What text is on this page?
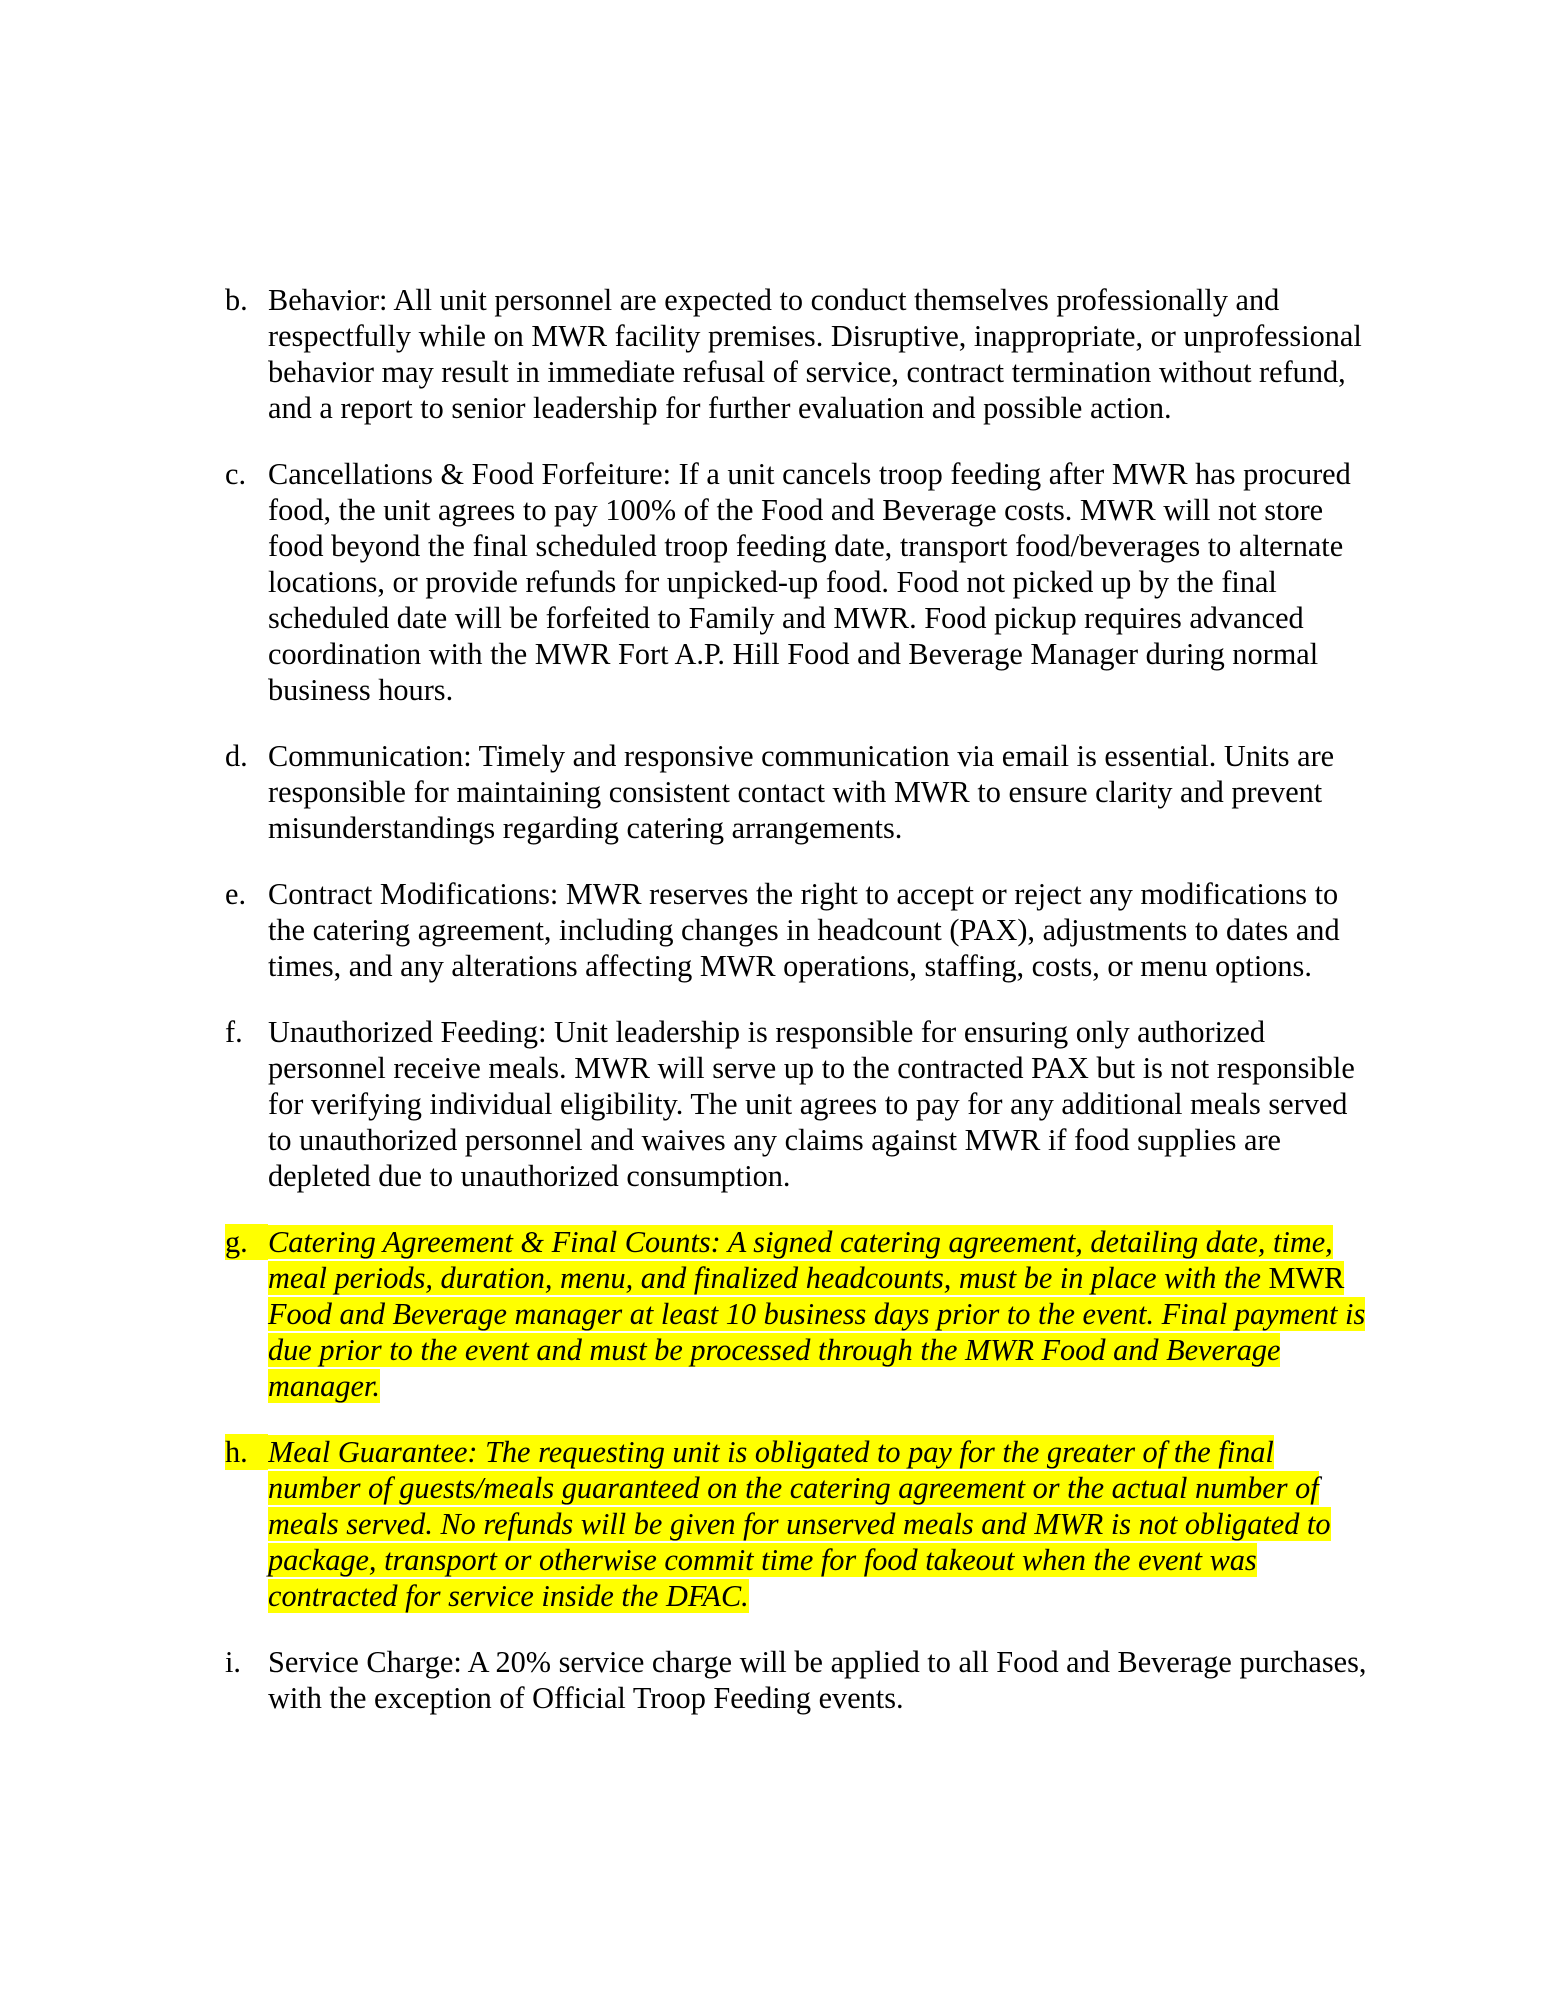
b. Behavior: All unit personnel are expected to conduct themselves professionally and respectfully while on MWR facility premises. Disruptive, inappropriate, or unprofessional behavior may result in immediate refusal of service, contract termination without refund, and a report to senior leadership for further evaluation and possible action.
c. Cancellations & Food Forfeiture: If a unit cancels troop feeding after MWR has procured food, the unit agrees to pay 100% of the Food and Beverage costs. MWR will not store food beyond the final scheduled troop feeding date, transport food/beverages to alternate locations, or provide refunds for unpicked-up food. Food not picked up by the final scheduled date will be forfeited to Family and MWR. Food pickup requires advanced coordination with the MWR Fort A.P. Hill Food and Beverage Manager during normal business hours.
d. Communication: Timely and responsive communication via email is essential. Units are responsible for maintaining consistent contact with MWR to ensure clarity and prevent misunderstandings regarding catering arrangements.
e. Contract Modifications: MWR reserves the right to accept or reject any modifications to the catering agreement, including changes in headcount (PAX), adjustments to dates and times, and any alterations affecting MWR operations, staffing, costs, or menu options.
f. Unauthorized Feeding: Unit leadership is responsible for ensuring only authorized personnel receive meals. MWR will serve up to the contracted PAX but is not responsible for verifying individual eligibility. The unit agrees to pay for any additional meals served to unauthorized personnel and waives any claims against MWR if food supplies are depleted due to unauthorized consumption.
g. Catering Agreement & Final Counts: A signed catering agreement, detailing date, time, meal periods, duration, menu, and finalized headcounts, must be in place with the MWR Food and Beverage manager at least 10 business days prior to the event. Final payment is due prior to the event and must be processed through the MWR Food and Beverage manager.
h. Meal Guarantee: The requesting unit is obligated to pay for the greater of the final number of guests/meals guaranteed on the catering agreement or the actual number of meals served. No refunds will be given for unserved meals and MWR is not obligated to package, transport or otherwise commit time for food takeout when the event was contracted for service inside the DFAC.
i. Service Charge: A 20% service charge will be applied to all Food and Beverage purchases, with the exception of Official Troop Feeding events.
